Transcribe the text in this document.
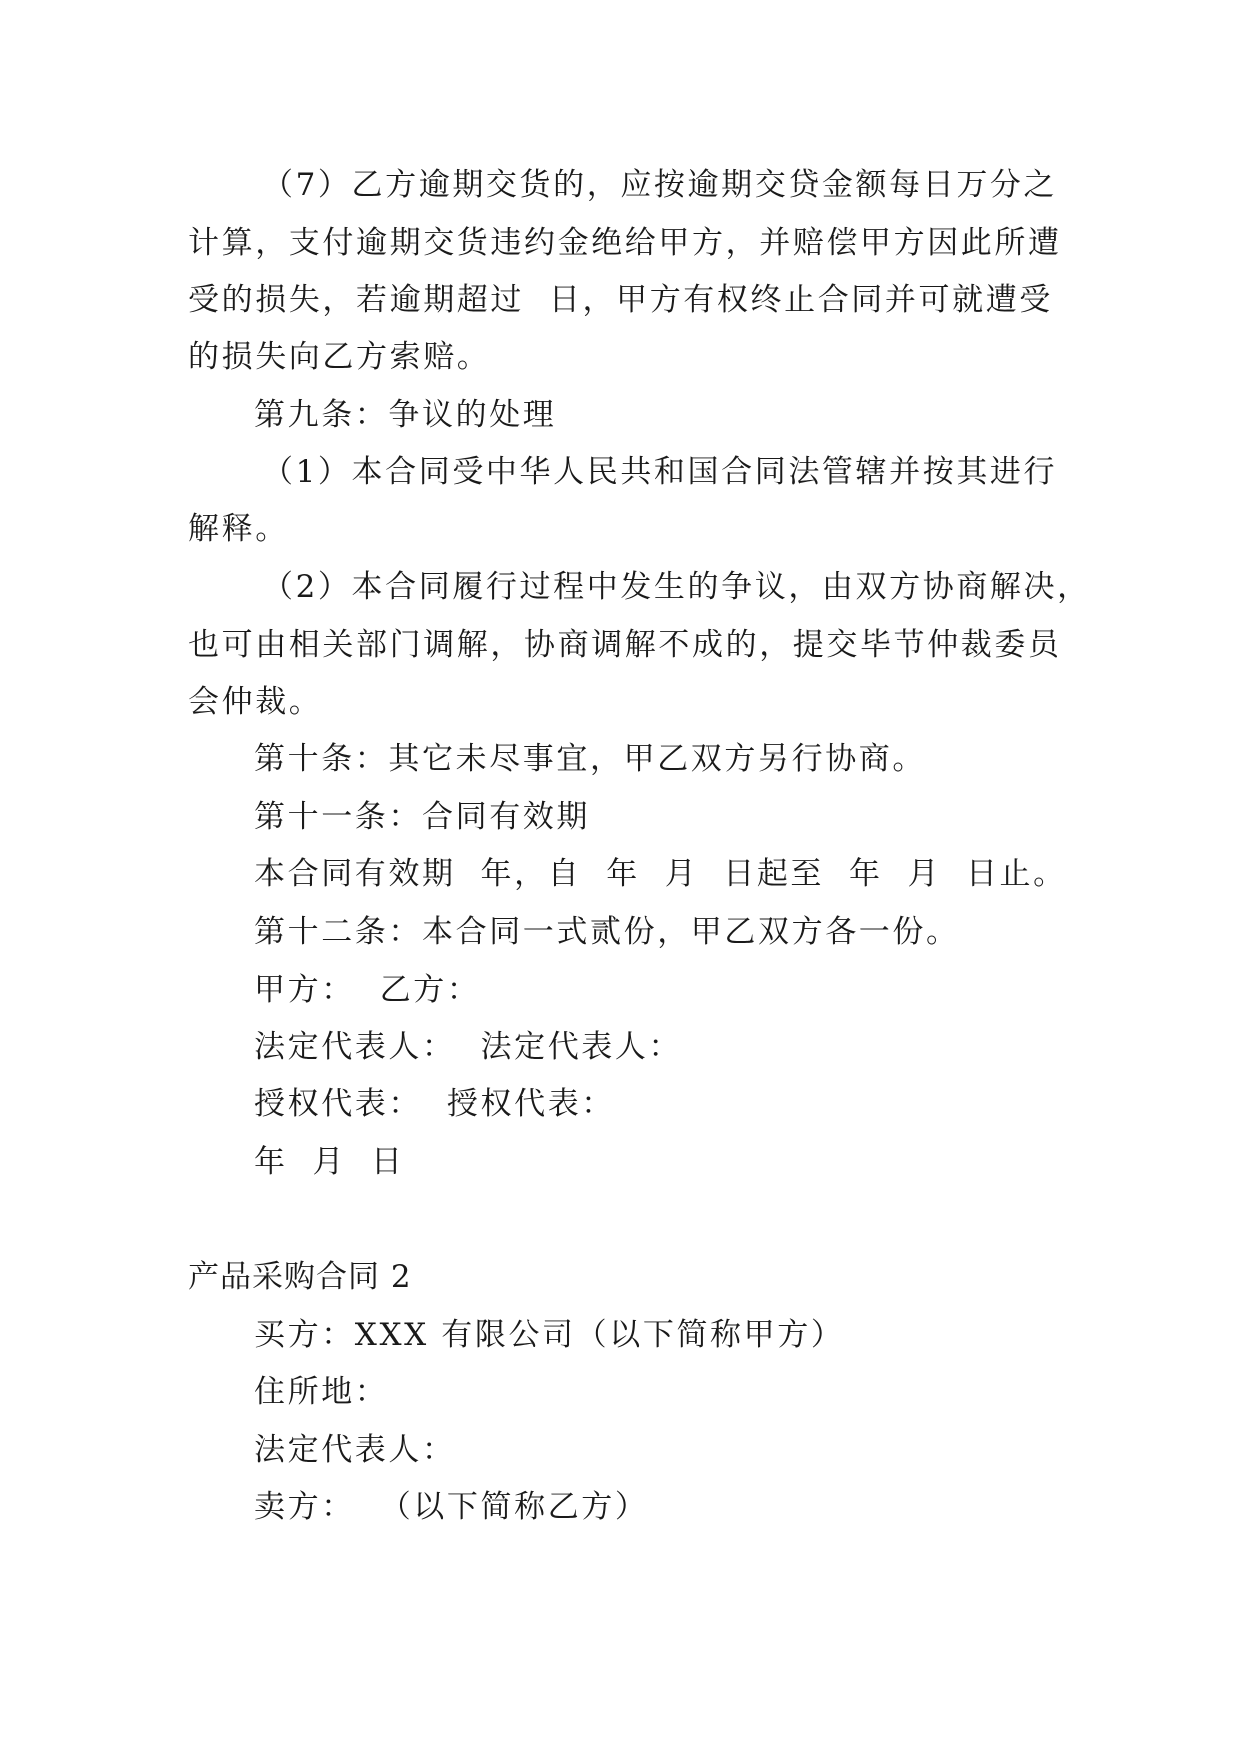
（7）乙方逾期交货的，应按逾期交贷金额每日万分之
计算，支付逾期交货违约金绝给甲方，并赔偿甲方因此所遭
受的损失，若逾期超过  日，甲方有权终止合同并可就遭受
的损失向乙方索赔。
第九条：争议的处理
（1）本合同受中华人民共和国合同法管辖并按其进行
解释。
（2）本合同履行过程中发生的争议，由双方协商解决，
也可由相关部门调解，协商调解不成的，提交毕节仲裁委员
会仲裁。
第十条：其它未尽事宜，甲乙双方另行协商。
第十一条：合同有效期
本合同有效期  年，自  年  月  日起至  年  月  日止。
第十二条：本合同一式贰份，甲乙双方各一份。
甲方：  乙方：
法定代表人：  法定代表人：
授权代表：  授权代表：
年  月  日
产品采购合同 2
买方：XXX 有限公司（以下简称甲方）
住所地：
法定代表人：
卖方：  （以下简称乙方）
